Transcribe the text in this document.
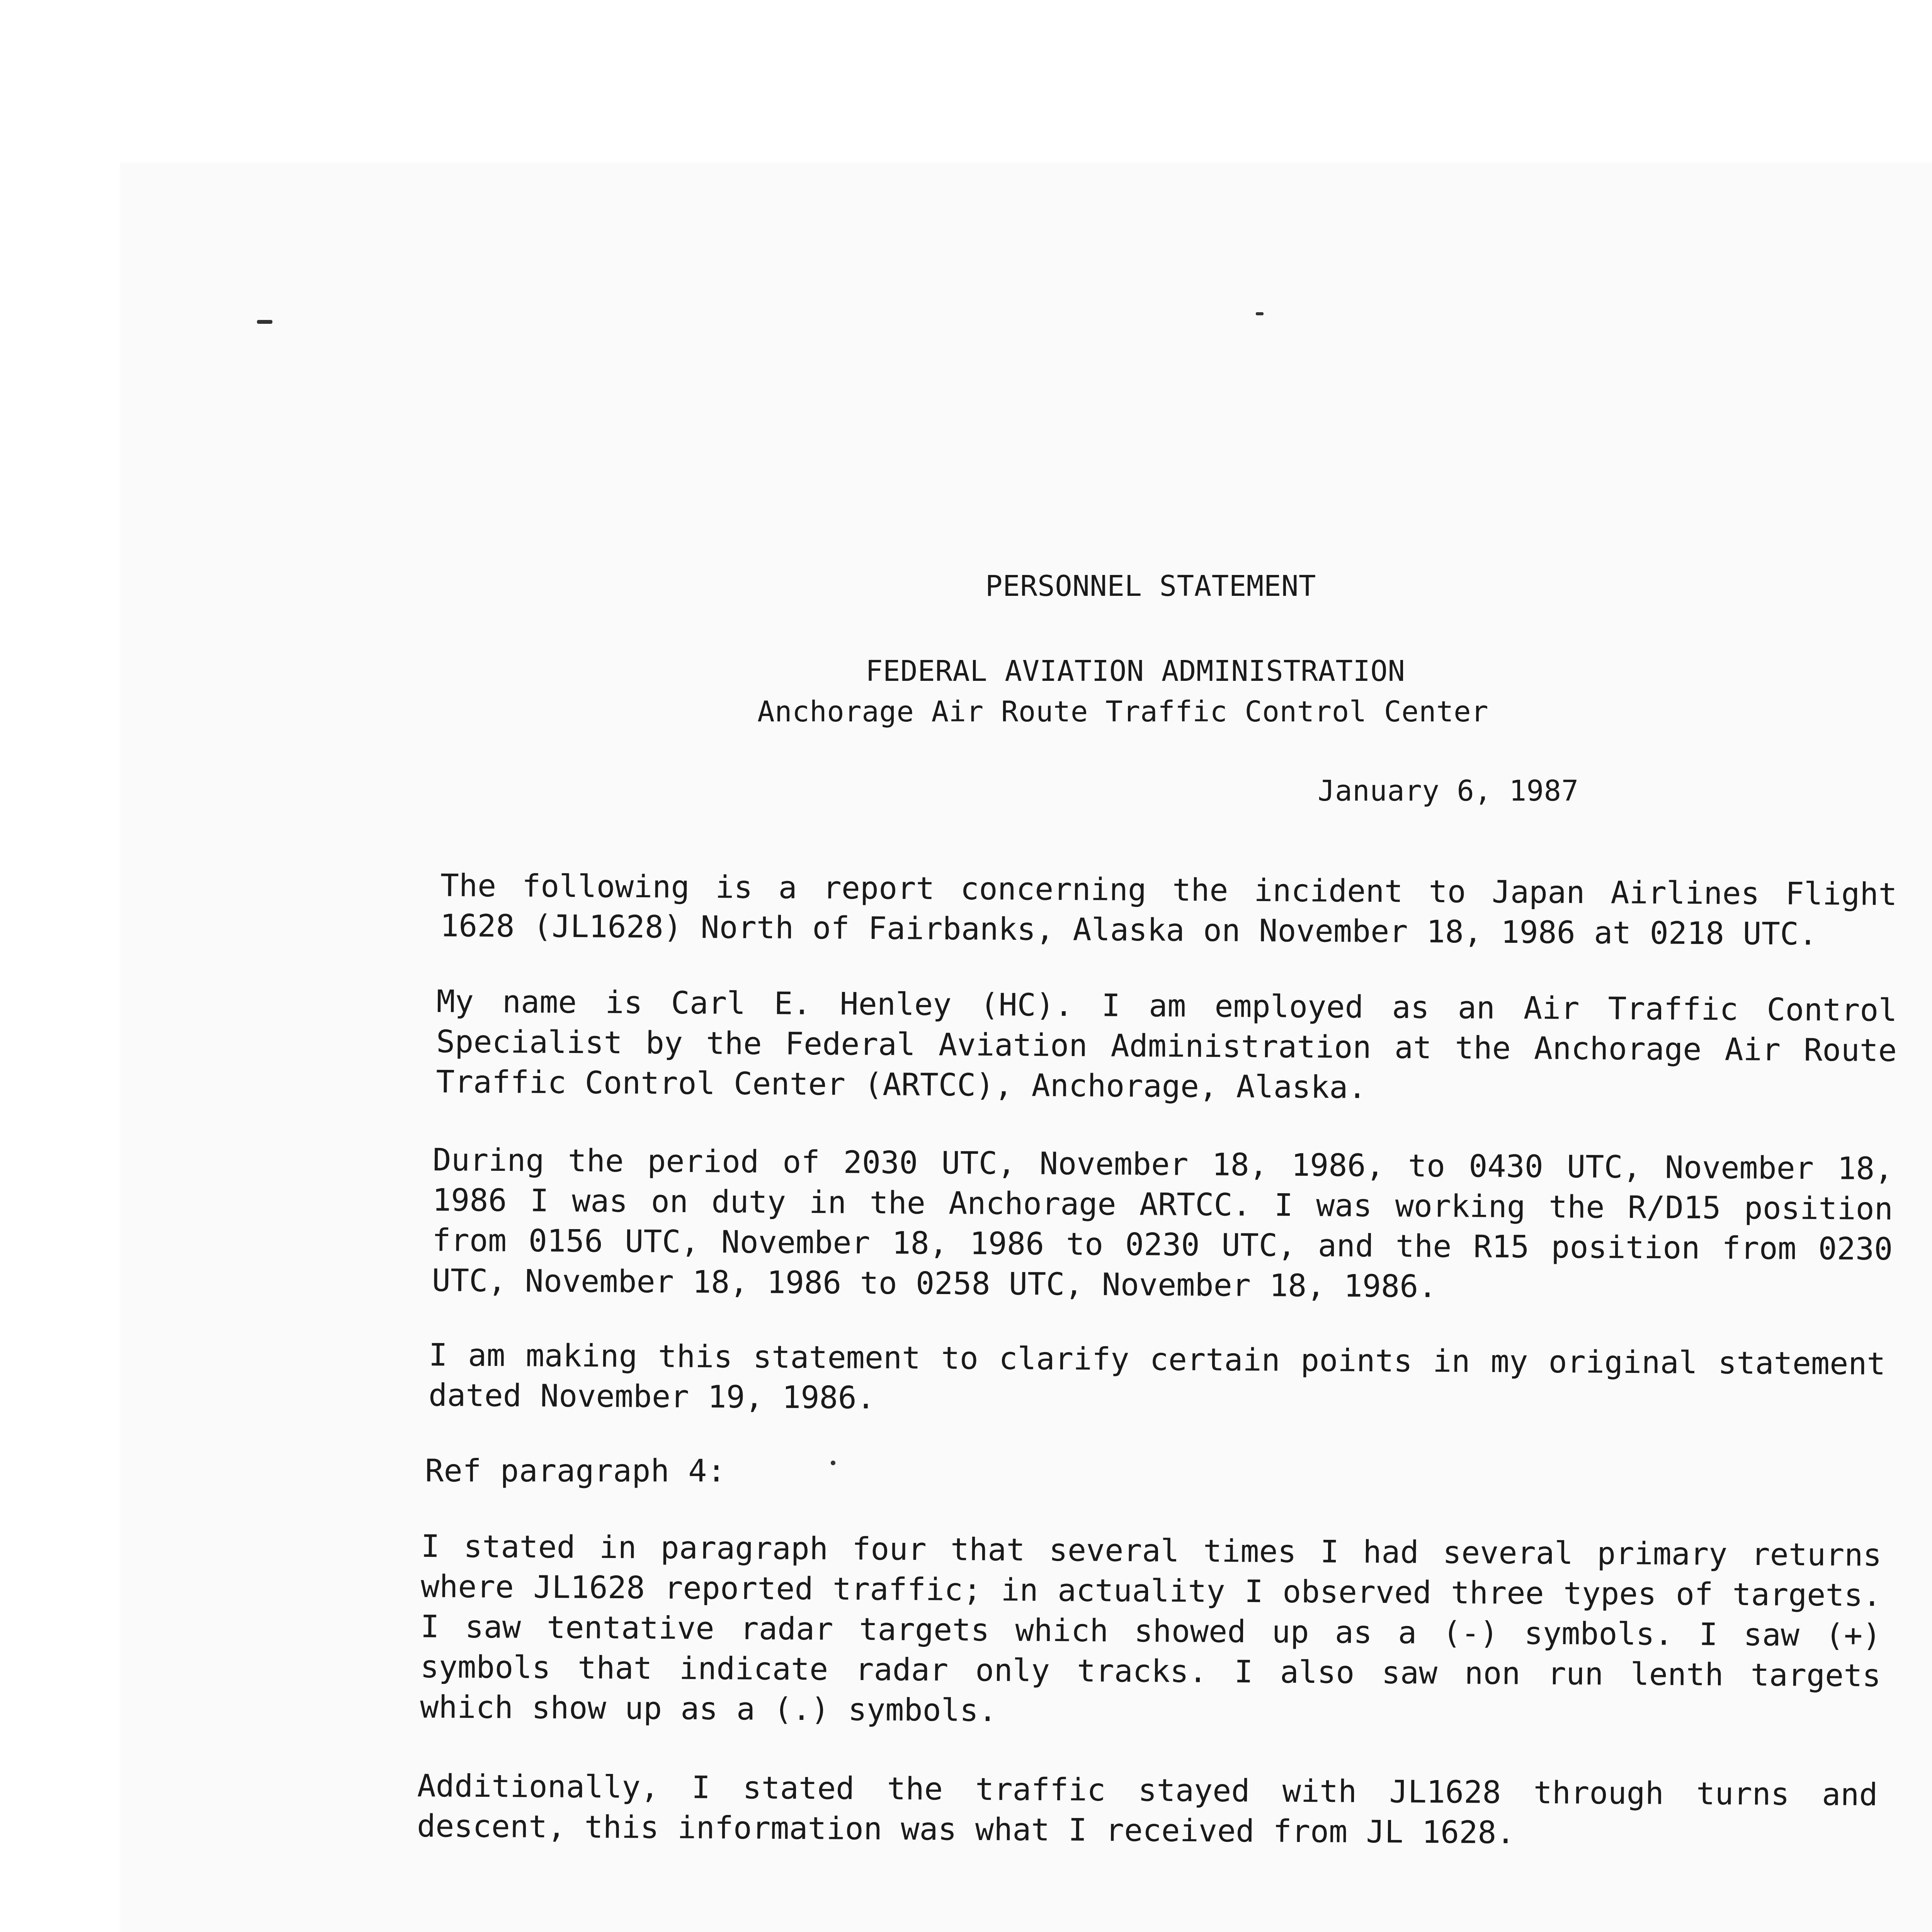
PERSONNEL STATEMENT
FEDERAL AVIATION ADMINISTRATION
Anchorage Air Route Traffic Control Center
January 6, 1987
The following is a report concerning the incident to Japan Airlines Flight 1628 (JL1628) North of Fairbanks, Alaska on November 18, 1986 at 0218 UTC.
My name is Carl E. Henley (HC). I am employed as an Air Traffic Control Specialist by the Federal Aviation Administration at the Anchorage Air Route Traffic Control Center (ARTCC), Anchorage, Alaska.
During the period of 2030 UTC, November 18, 1986, to 0430 UTC, November 18, 1986 I was on duty in the Anchorage ARTCC. I was working the R/D15 position from 0156 UTC, November 18, 1986 to 0230 UTC, and the R15 position from 0230 UTC, November 18, 1986 to 0258 UTC, November 18, 1986.
I am making this statement to clarify certain points in my original statement dated November 19, 1986.
Ref paragraph 4:
I stated in paragraph four that several times I had several primary returns where JL1628 reported traffic; in actuality I observed three types of targets. I saw tentative radar targets which showed up as a (-) symbols. I saw (+) symbols that indicate radar only tracks. I also saw non run lenth targets which show up as a (.) symbols.
Additionally, I stated the traffic stayed with JL1628 through turns and descent, this information was what I received from JL 1628.
